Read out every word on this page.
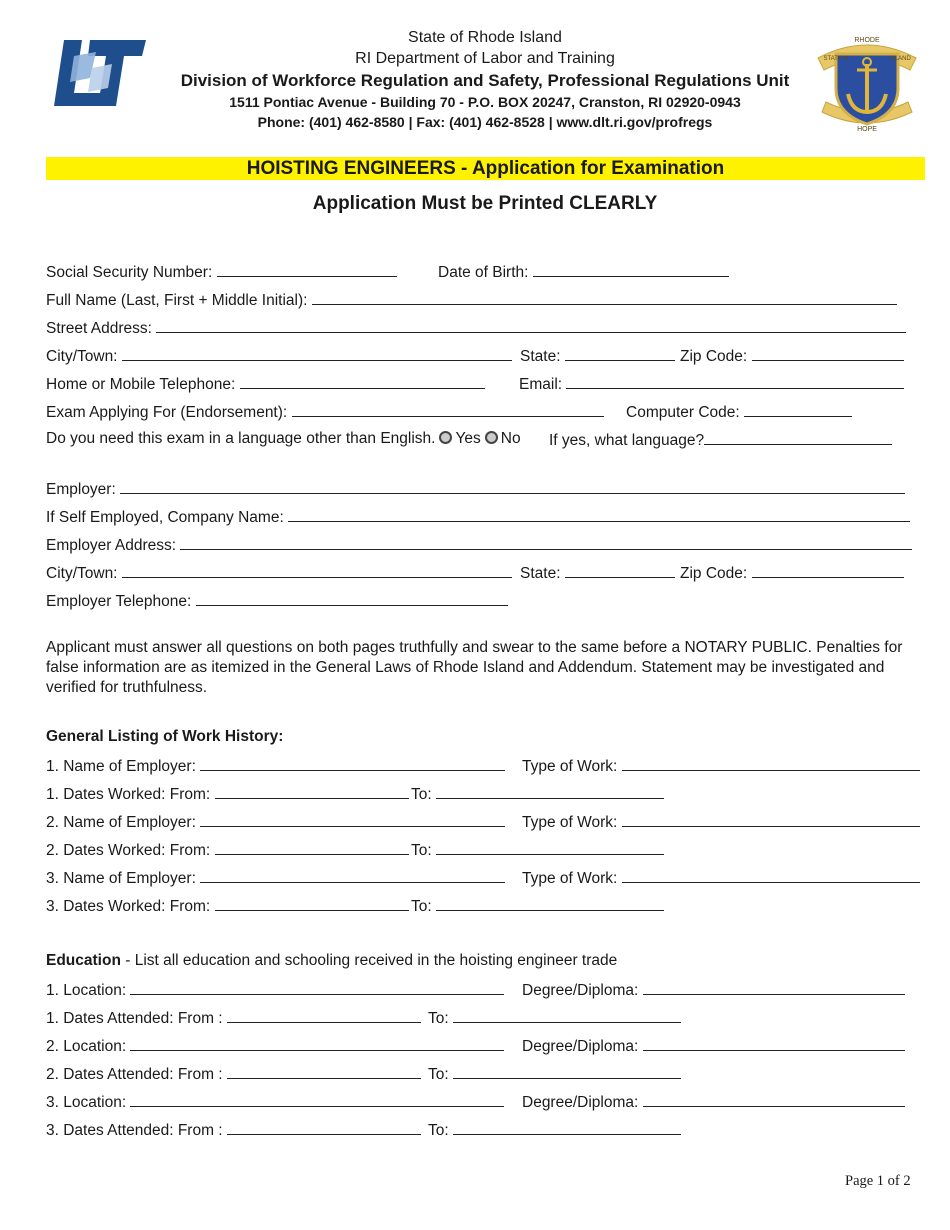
RHODE
STATE of	ISLAND
HOPE
State of Rhode Island
RI Department of Labor and Training
Division of Workforce Regulation and Safety, Professional Regulations Unit
1511 Pontiac Avenue - Building 70 - P.O. BOX 20247, Cranston, RI 02920-0943
Phone: (401) 462-8580 | Fax: (401) 462-8528 | www.dlt.ri.gov/profregs
HOISTING ENGINEERS - Application for Examination
Application Must be Printed CLEARLY
Social Security Number:	Date of Birth:
Full Name (Last, First + Middle Initial):
Street Address:
City/Town:	State:	Zip Code:
Home or Mobile Telephone:	Email:
Exam Applying For (Endorsement):	Computer Code:
Do you need this exam in a language other than English. Yes No If yes, what language?
Employer:
If Self Employed, Company Name:
Employer Address:
City/Town:	State:	Zip Code:
Employer Telephone:
Applicant must answer all questions on both pages truthfully and swear to the same before a NOTARY PUBLIC. Penalties for false information are as itemized in the General Laws of Rhode Island and Addendum. Statement may be investigated and verified for truthfulness.
General Listing of Work History:
1. Name of Employer:	Type of Work:
1. Dates Worked: From:	To:
2. Name of Employer:	Type of Work:
2. Dates Worked: From:	To:
3. Name of Employer:	Type of Work:
3. Dates Worked: From:	To:
Education - List all education and schooling received in the hoisting engineer trade
1. Location:	Degree/Diploma:
1. Dates Attended: From :	To:
2. Location:	Degree/Diploma:
2. Dates Attended: From :	To:
3. Location:	Degree/Diploma:
3. Dates Attended: From :	To:
Page 1 of 2
